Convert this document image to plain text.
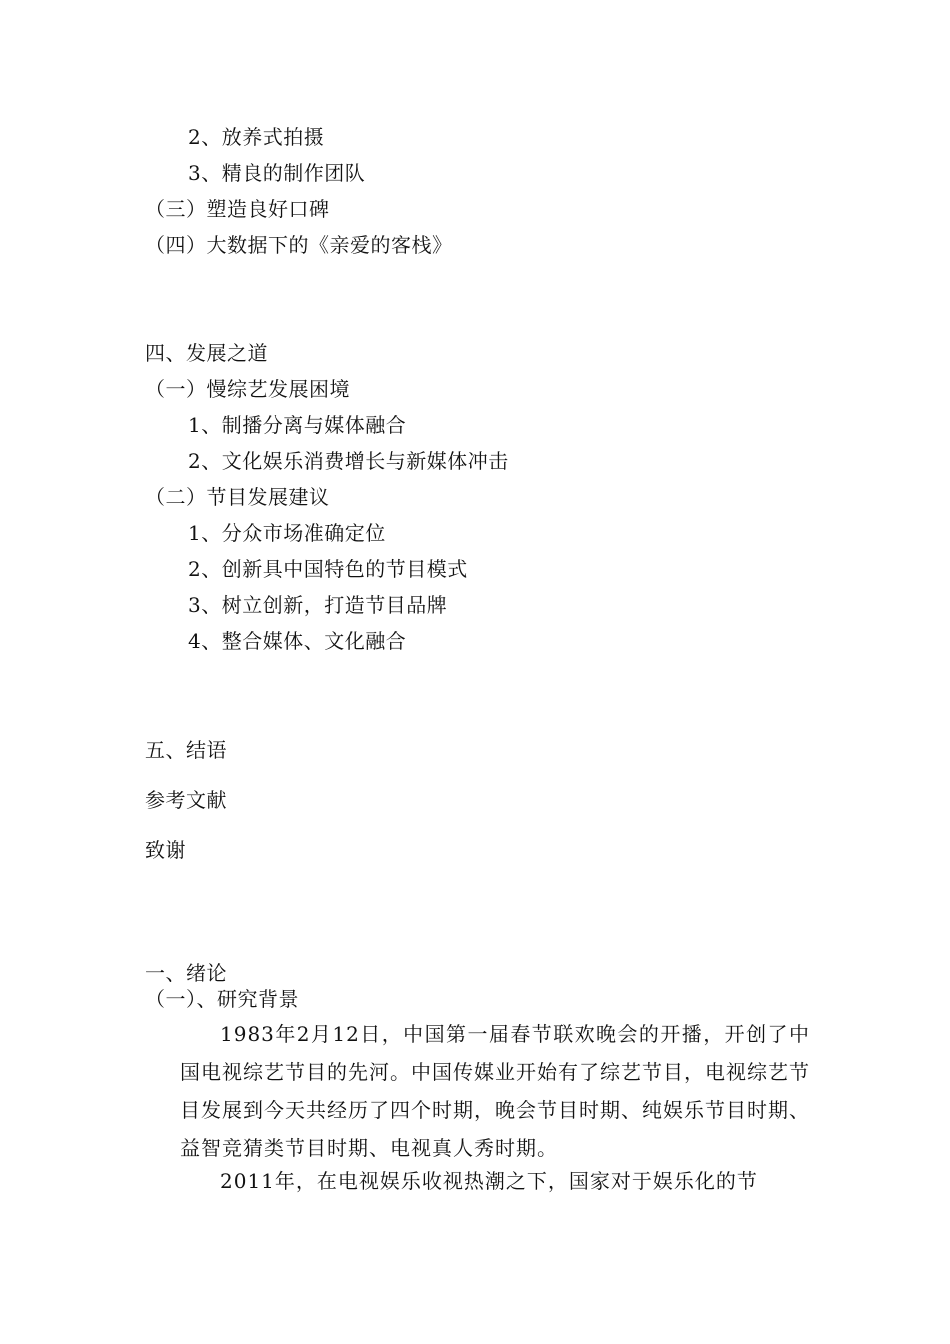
2、放养式拍摄
3、精良的制作团队
（三）塑造良好口碑
（四）大数据下的《亲爱的客栈》
四、发展之道
（一）慢综艺发展困境
1、制播分离与媒体融合
2、文化娱乐消费增长与新媒体冲击
（二）节目发展建议
1、分众市场准确定位
2、创新具中国特色的节目模式
3、树立创新，打造节目品牌
4、整合媒体、文化融合
五、结语
参考文献
致谢
一、绪论
（一）、研究背景
1983年2月12日，中国第一届春节联欢晚会的开播，开创了中国电视综艺节目的先河。中国传媒业开始有了综艺节目，电视综艺节目发展到今天共经历了四个时期，晚会节目时期、纯娱乐节目时期、益智竞猜类节目时期、电视真人秀时期。
2011年，在电视娱乐收视热潮之下，国家对于娱乐化的节
